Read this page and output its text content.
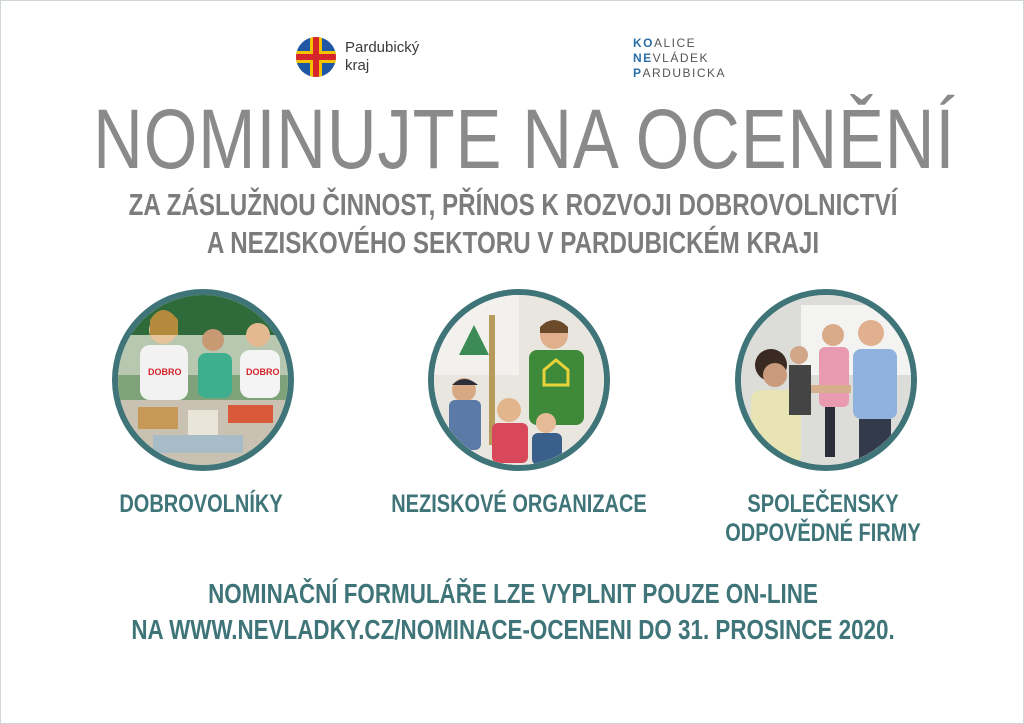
Pardubický
kraj
KOALICE
NEVLÁDEK
PARDUBICKA
NOMINUJTE NA OCENĚNÍ
ZA ZÁSLUŽNOU ČINNOST, PŘÍNOS K ROZVOJI DOBROVOLNICTVÍ
A NEZISKOVÉHO SEKTORU V PARDUBICKÉM KRAJI
DOBRO	DOBRO
DOBROVOLNÍKY	NEZISKOVÉ ORGANIZACE	SPOLEČENSKY
ODPOVĚDNÉ FIRMY
NOMINAČNÍ FORMULÁŘE LZE VYPLNIT POUZE ON-LINE
NA WWW.NEVLADKY.CZ/NOMINACE-OCENENI DO 31. PROSINCE 2020.
